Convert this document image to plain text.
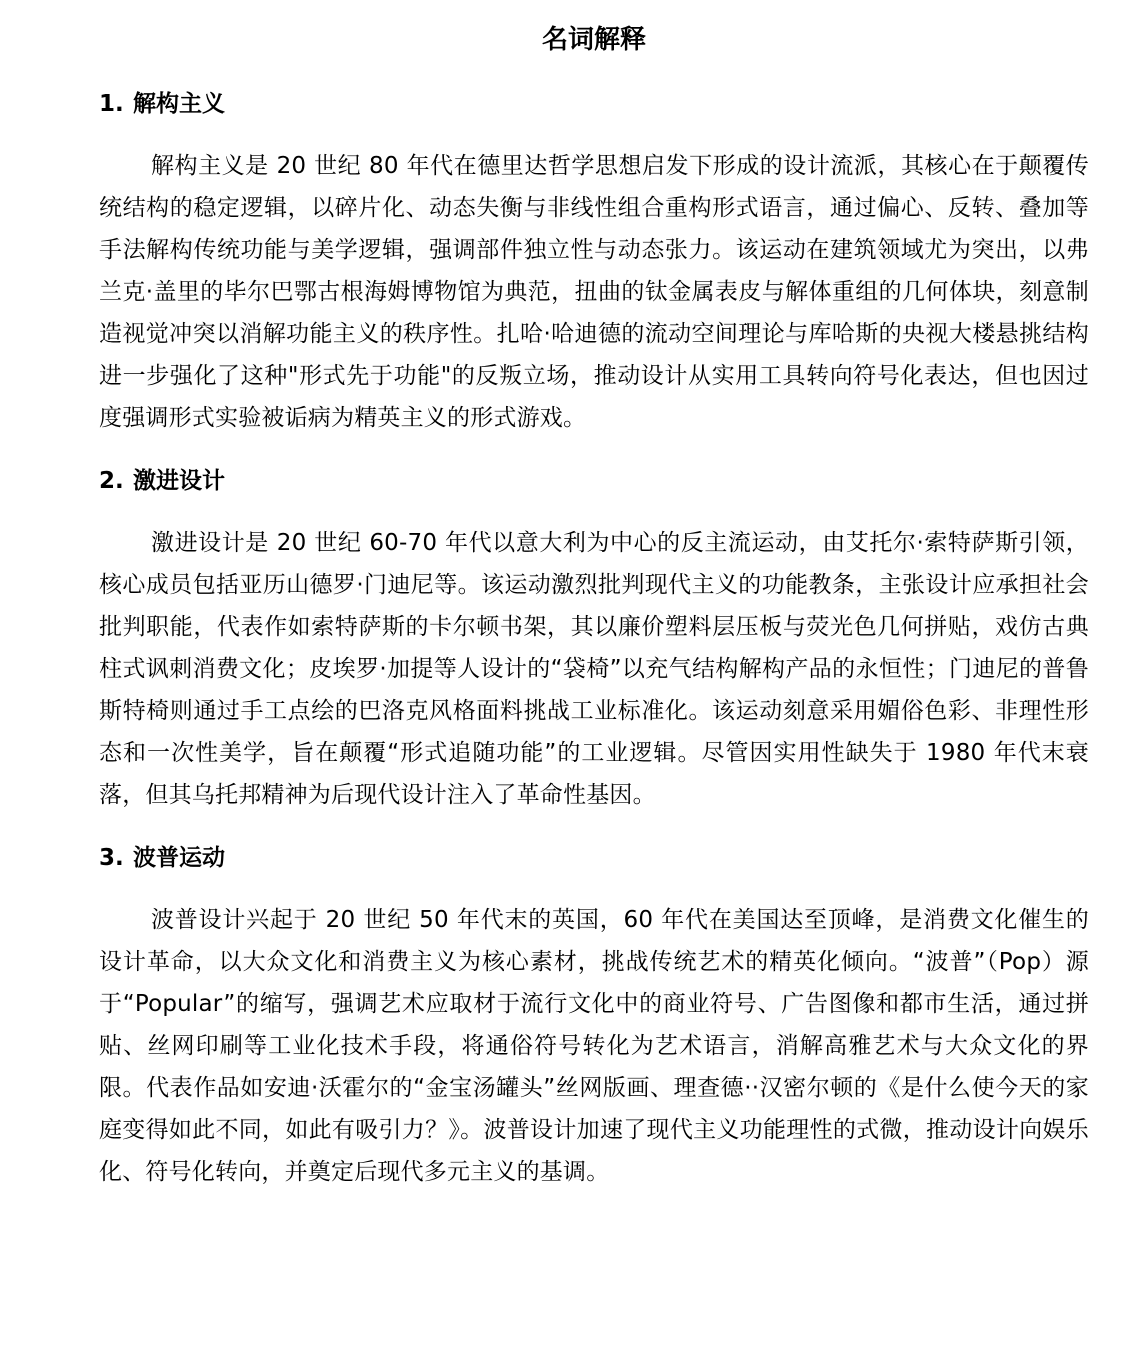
名词解释
1. 解构主义

解构主义是 20 世纪 80 年代在德里达哲学思想启发下形成的设计流派，其核心在于颠覆传统结构的稳定逻辑，以碎片化、动态失衡与非线性组合重构形式语言，通过偏心、反转、叠加等手法解构传统功能与美学逻辑，强调部件独立性与动态张力。该运动在建筑领域尤为突出，以弗兰克·盖里的毕尔巴鄂古根海姆博物馆为典范，扭曲的钛金属表皮与解体重组的几何体块，刻意制造视觉冲突以消解功能主义的秩序性。扎哈·哈迪德的流动空间理论与库哈斯的央视大楼悬挑结构进一步强化了这种"形式先于功能"的反叛立场，推动设计从实用工具转向符号化表达，但也因过度强调形式实验被诟病为精英主义的形式游戏。

2. 激进设计

激进设计是 20 世纪 60-70 年代以意大利为中心的反主流运动，由艾托尔·索特萨斯引领，核心成员包括亚历山德罗·门迪尼等。该运动激烈批判现代主义的功能教条，主张设计应承担社会批判职能，代表作如索特萨斯的卡尔顿书架，其以廉价塑料层压板与荧光色几何拼贴，戏仿古典柱式讽刺消费文化；皮埃罗·加提等人设计的“袋椅”以充气结构解构产品的永恒性；门迪尼的普鲁斯特椅则通过手工点绘的巴洛克风格面料挑战工业标准化。该运动刻意采用媚俗色彩、非理性形态和一次性美学，旨在颠覆“形式追随功能”的工业逻辑。尽管因实用性缺失于 1980 年代末衰落，但其乌托邦精神为后现代设计注入了革命性基因。

3. 波普运动

波普设计兴起于 20 世纪 50 年代末的英国，60 年代在美国达至顶峰，是消费文化催生的设计革命，以大众文化和消费主义为核心素材，挑战传统艺术的精英化倾向。“波普”（Pop）源于“Popular”的缩写，强调艺术应取材于流行文化中的商业符号、广告图像和都市生活，通过拼贴、丝网印刷等工业化技术手段，将通俗符号转化为艺术语言，消解高雅艺术与大众文化的界限。代表作品如安迪·沃霍尔的“金宝汤罐头”丝网版画、理查德··汉密尔顿的《是什么使今天的家庭变得如此不同，如此有吸引力？》。波普设计加速了现代主义功能理性的式微，推动设计向娱乐化、符号化转向，并奠定后现代多元主义的基调。
